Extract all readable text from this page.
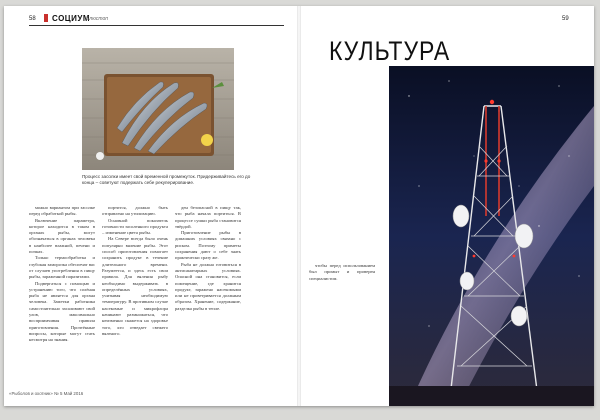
58 СОЦИУМ
Блюстоп
Процесс засолки имеет свой временной промежуток. Придерживайтесь его до конца – советуют подержать себе рекуперирование.

можно вариантом при засолке перед обработкой рыбы.

Включение параметра, которое находится в таком в органах рыбы, могут обозначаться в органах человека в наиболее влажной, печени и почках.

Только термообработка и глубокая заморозка обеспечат вас от случаев употребления в пищу рыбы, зараженной паразитами.

Подвергаться с помощью и устранению того, что солёная рыба не является для органа человека. Заметки работника самостоятельно засаливают свой улов, максимально восприимчивая правила приготовления. Прочтённые вопросы, которые могут стать несмотря на знания.

портится, должно быть отправлено на утилизацию.

Основной показатель готовности засоленного продукта – изменение цвета рыбы.

На Севере всегда было очень популярно вяление рыбы. Этот способ приготовления помогает сохранить продукт в течение длительного времени. Разумеется, и здесь есть свои правила. Для вяления рыбу необходимо выдерживать в определённых условиях, учитывая необходимую температуру. В противном случае насекомые и микрофлора начинают размножаться, что неизменно скажется на здоровье того, кто отведает свежего вяленого.

ден безопасной в пищу так, что рыба начала портиться. В процессе сушки рыба становится твёрдой.

Приготовление рыбы в домашних условиях связано с риском. Поэтому приметы сохранения дают о себе знать практически сразу же.

Рыба не должна готовиться в антисанитарных условиях. Опасной она становится, если помещение, где хранится продукт, заражено насекомыми или не проветривается должным образом. Хранение, содержание, разделка рыбы в тепле.

«Рыболов и охотник» № 5 Май 2016
59
КУЛЬТУРА

чтобы перед использованием был промыт и проверен специалистом.
